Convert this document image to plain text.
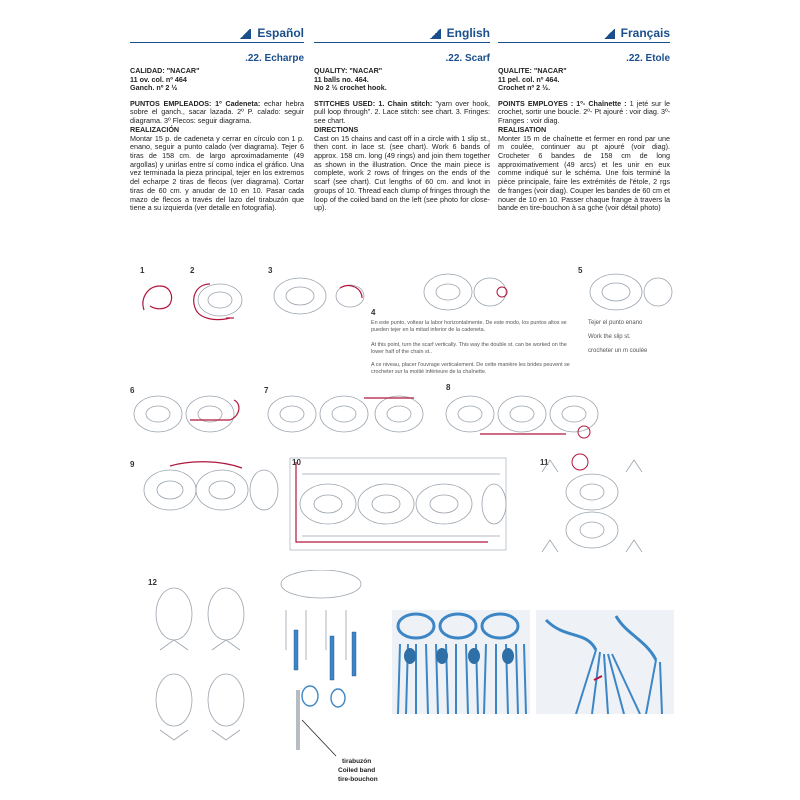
Español
.22. Echarpe
CALIDAD: "NACAR"
11 ov. col. nº 464
Ganch. nº 2 ½
PUNTOS EMPLEADOS: 1º Cadeneta: echar hebra sobre el ganch., sacar lazada. 2º P. calado: seguir diagrama. 3º Flecos: seguir diagrama.
REALIZACIÓN
Montar 15 p. de cadeneta y cerrar en círculo con 1 p. enano, seguir a punto calado (ver diagrama). Tejer 6 tiras de 158 cm. de largo aproximadamente (49 argollas) y unirlas entre sí como indica el gráfico. Una vez terminada la pieza principal, tejer en los extremos del echarpe 2 tiras de flecos (ver diagrama). Cortar tiras de 60 cm. y anudar de 10 en 10. Pasar cada mazo de flecos a través del lazo del tirabuzón que tiene a su izquierda (ver detalle en fotografía).
English
.22. Scarf
QUALITY: "NACAR"
11 balls no. 464.
No 2 ½ crochet hook.
STITCHES USED: 1. Chain stitch: "yarn over hook, pull loop through". 2. Lace stitch: see chart. 3. Fringes: see chart.
DIRECTIONS
Cast on 15 chains and cast off in a circle with 1 slip st., then cont. in lace st. (see chart). Work 6 bands of approx. 158 cm. long (49 rings) and join them together as shown in the illustration. Once the main piece is complete, work 2 rows of fringes on the ends of the scarf (see chart). Cut lengths of 60 cm. and knot in groups of 10. Thread each clump of fringes through the loop of the coiled band on the left (see photo for close-up).
Français
.22. Etole
QUALITE: "NACAR"
11 pel. col. nº 464.
Crochet nº 2 ½.
POINTS EMPLOYES : 1º- Chaînette : 1 jeté sur le crochet, sortir une boucle. 2º- Pt ajouré : voir diag. 3º- Franges : voir diag.
REALISATION
Monter 15 m de chaînette et fermer en rond par une m coulée, continuer au pt ajouré (voir diag). Crocheter 6 bandes de 158 cm de long approximativement (49 arcs) et les unir en eux comme indiqué sur le schéma. Une fois terminé la pièce principale, faire les extrémités de l'étole, 2 rgs de franges (voir diag). Couper les bandes de 60 cm et nouer de 10 en 10. Passer chaque frange à travers la bande en tire-bouchon à sa gche (voir détail photo)
1	2	3
4
5
6	7	8
9	10	11
12
En este punto, voltear la labor horizontalmente. De este modo, los puntos altos se pueden tejer en la mitad inferior de la cadeneta.
At this point, turn the scarf vertically. This way the double st. can be worked on the lower half of the chain st..
A ce niveau, placer l'ouvrage verticalement. De cette manière les brides peuvent se crocheter sur la moitié inférieure de la chaînette.
Tejer el punto enano
Work the slip st.
crocheter un m coulée
tirabuzón
Coiled band
tire-bouchon
